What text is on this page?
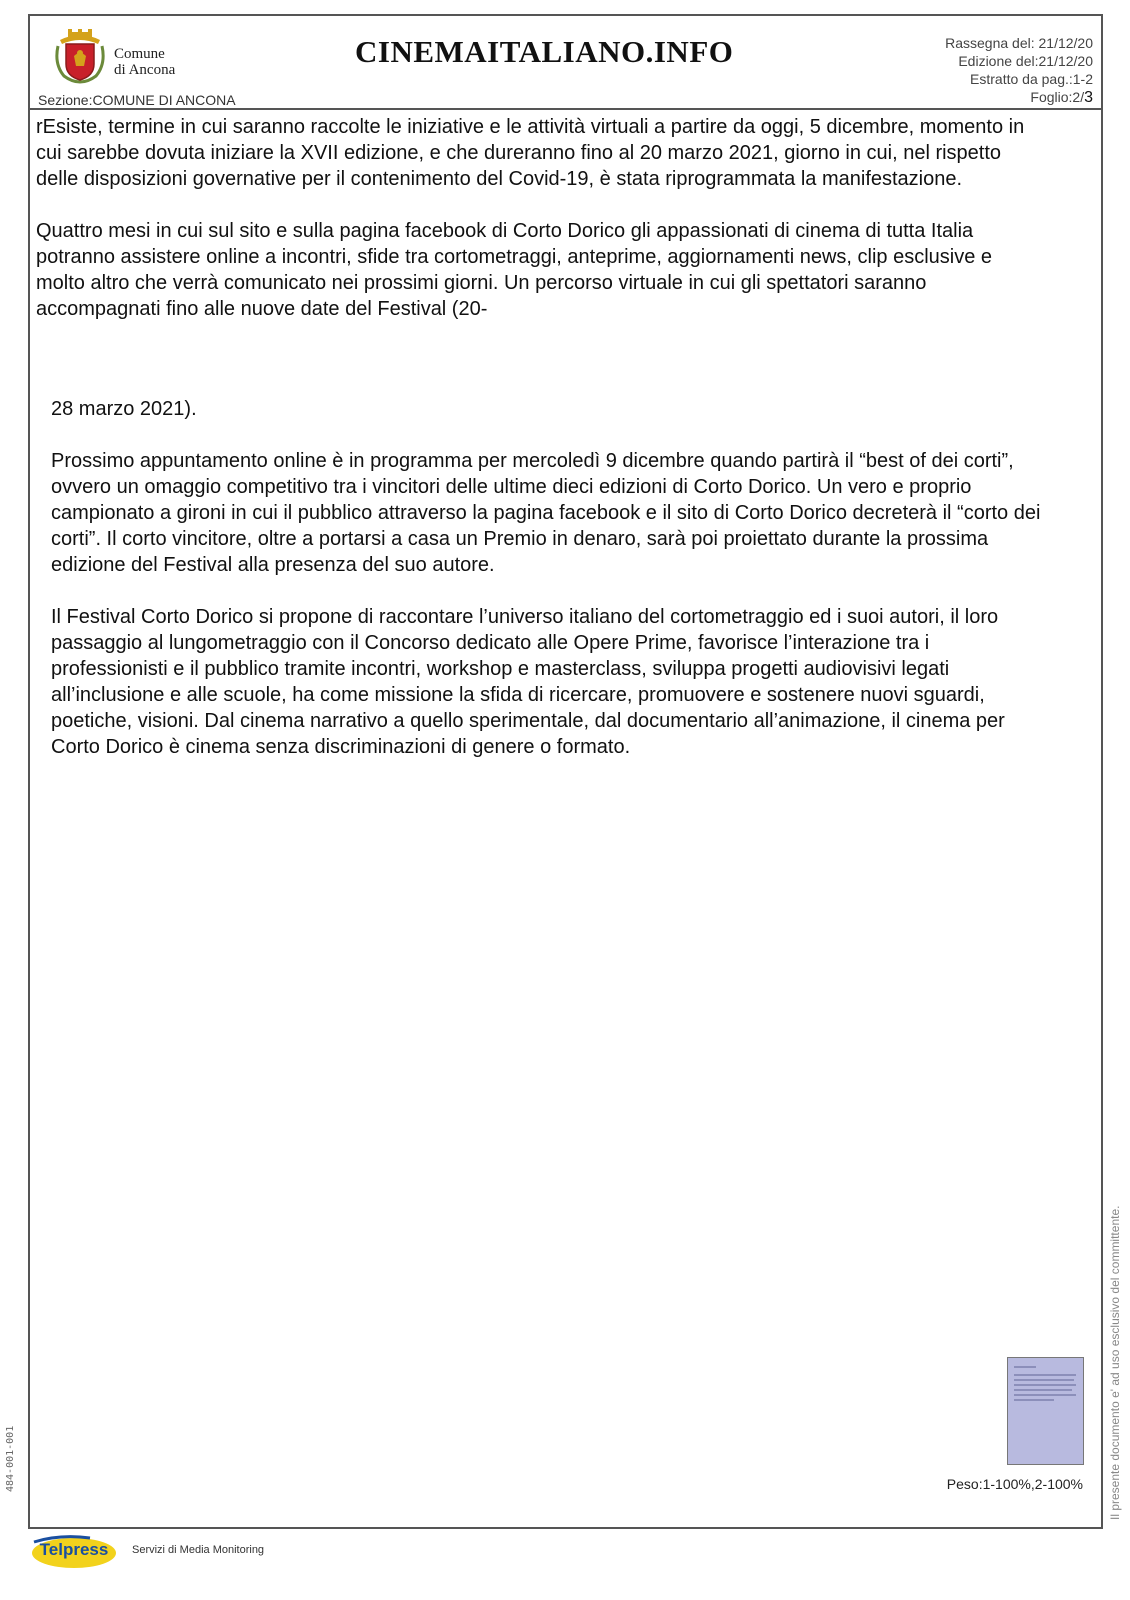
Comune
di Ancona
Sezione:COMUNE DI ANCONA
CINEMAITALIANO.INFO	Rassegna del: 21/12/20
Edizione del:21/12/20
Estratto da pag.:1-2
Foglio:2/3
Peso:1-100%,2-100%

rEsiste, termine in cui saranno raccolte le iniziative e le attività virtuali a partire da oggi, 5 dicembre, momento in cui sarebbe dovuta iniziare la XVII edizione, e che dureranno fino al 20 marzo 2021, giorno in cui, nel rispetto delle disposizioni governative per il contenimento del Covid-19, è stata riprogrammata la manifestazione.

Quattro mesi in cui sul sito e sulla pagina facebook di Corto Dorico gli appassionati di cinema di tutta Italia potranno assistere online a incontri, sfide tra cortometraggi, anteprime, aggiornamenti news, clip esclusive e molto altro che verrà comunicato nei prossimi giorni. Un percorso virtuale in cui gli spettatori saranno accompagnati fino alle nuove date del Festival (20-

28 marzo 2021).

Prossimo appuntamento online è in programma per mercoledì 9 dicembre quando partirà il “best of dei corti”, ovvero un omaggio competitivo tra i vincitori delle ultime dieci edizioni di Corto Dorico. Un vero e proprio campionato a gironi in cui il pubblico attraverso la pagina facebook e il sito di Corto Dorico decreterà il “corto dei corti”. Il corto vincitore, oltre a portarsi a casa un Premio in denaro, sarà poi proiettato durante la prossima edizione del Festival alla presenza del suo autore.

Il Festival Corto Dorico si propone di raccontare l’universo italiano del cortometraggio ed i suoi autori, il loro passaggio al lungometraggio con il Concorso dedicato alle Opere Prime, favorisce l’interazione tra i professionisti e il pubblico tramite incontri, workshop e masterclass, sviluppa progetti audiovisivi legati all’inclusione e alle scuole, ha come missione la sfida di ricercare, promuovere e sostenere nuovi sguardi, poetiche, visioni. Dal cinema narrativo a quello sperimentale, dal documentario all’animazione, il cinema per Corto Dorico è cinema senza discriminazioni di genere o formato.

Il presente documento e' ad uso esclusivo del committente.
484-001-001
Telpress	Servizi di Media Monitoring
